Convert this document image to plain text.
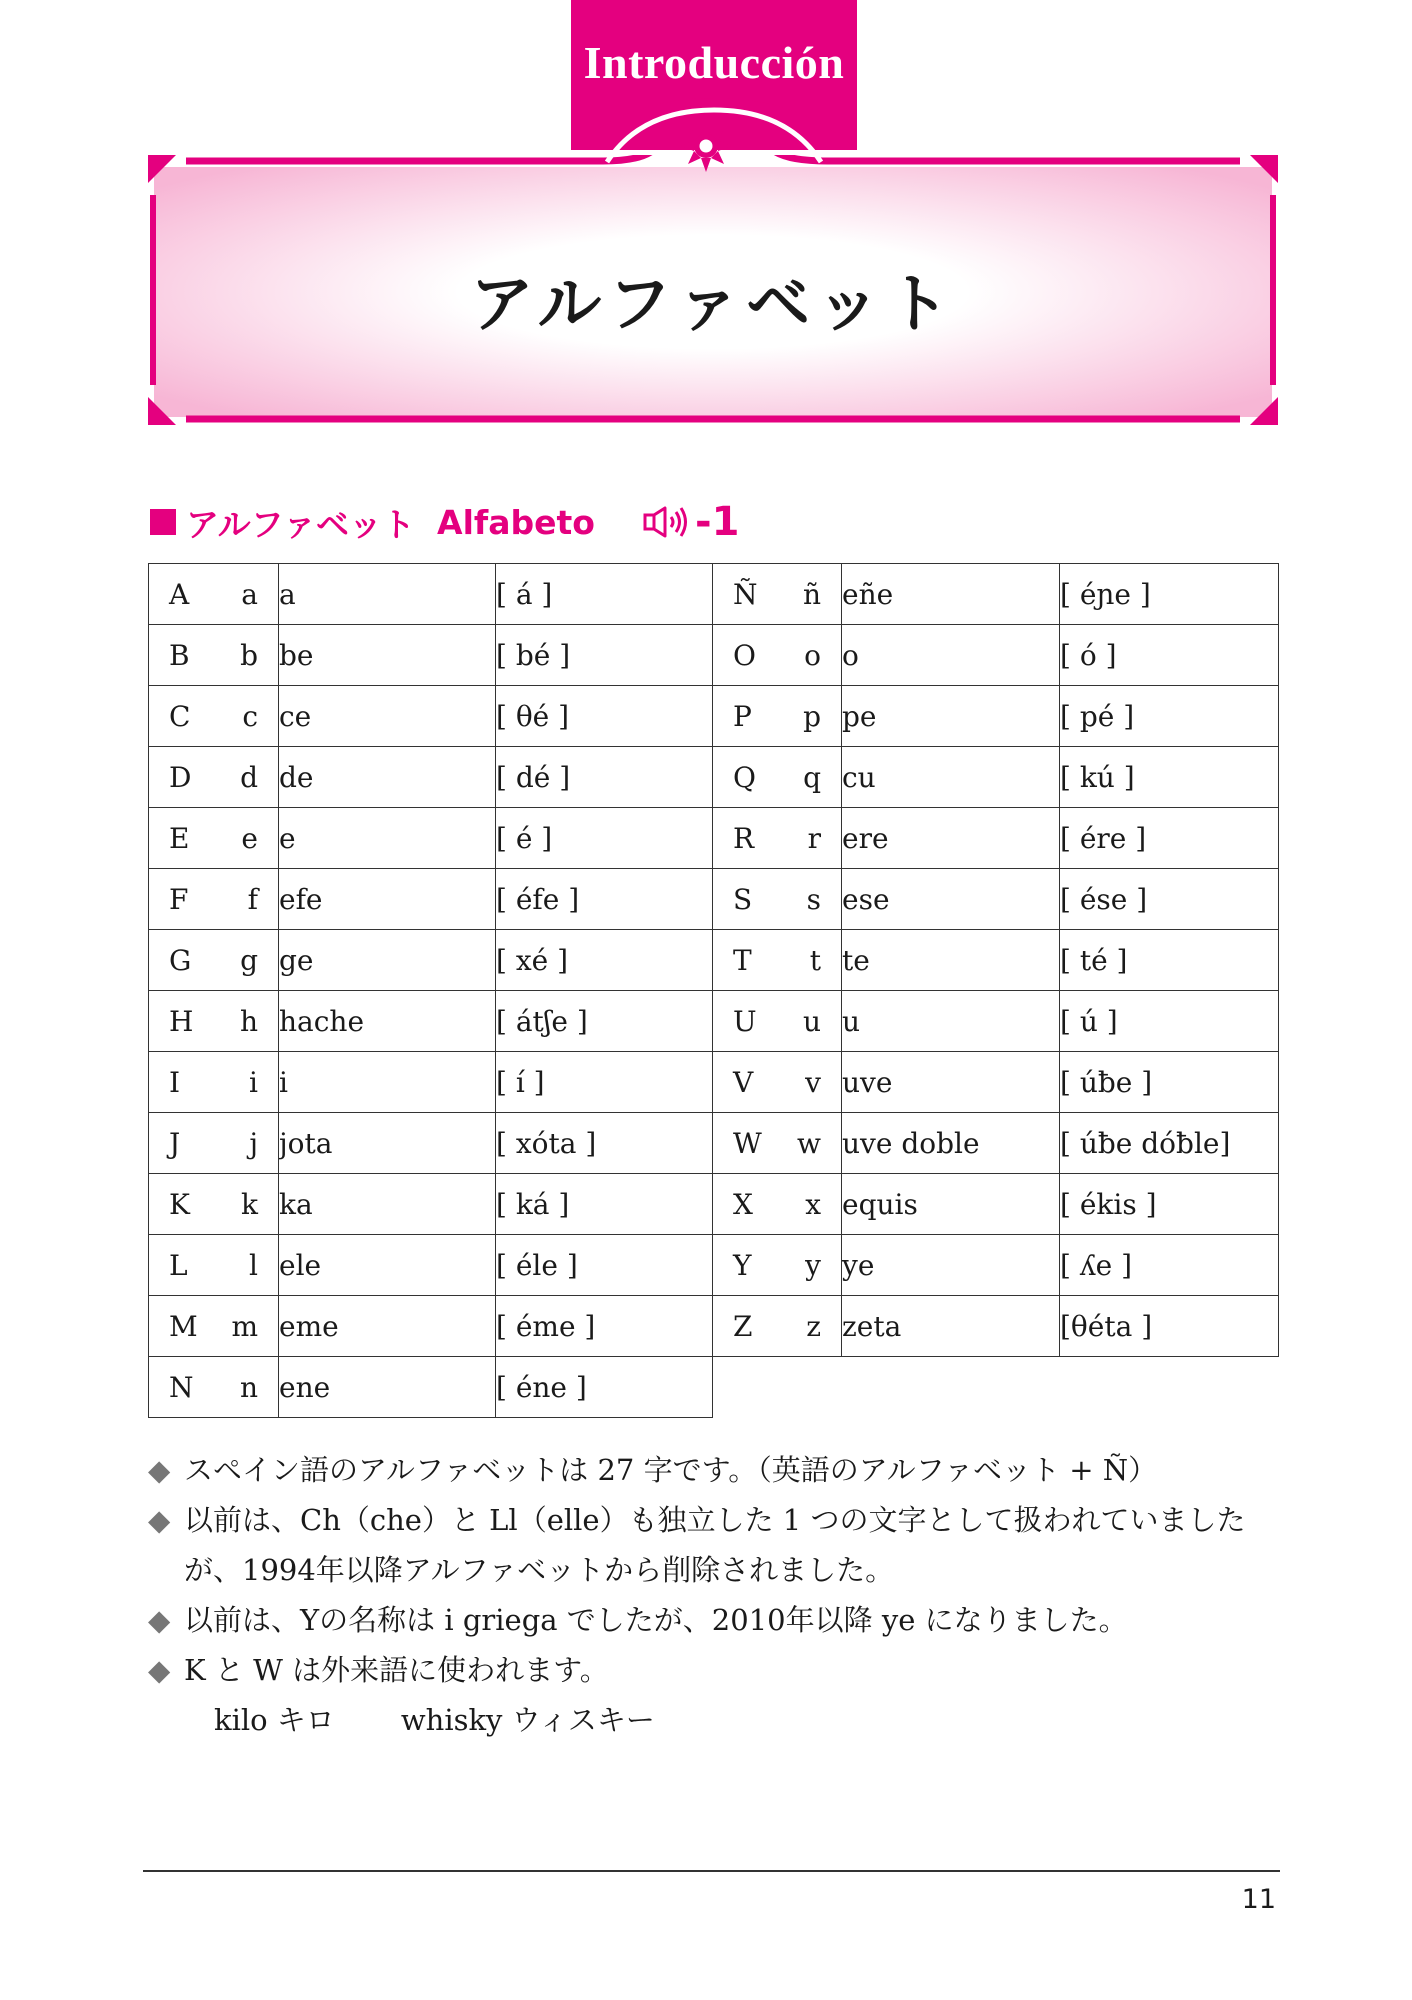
Introducción
アルファベット
アルファベット Alfabeto	-1
A a	a	[ á ]	Ñ ñ	eñe	[ éɲe ]

B b	be	[ bé ]	O o	o	[ ó ]

C c	ce	[ θé ]	P p	pe	[ pé ]

D d	de	[ dé ]	Q q	cu	[ kú ]

E e	e	[ é ]	R r	ere	[ ére ]

F f	efe	[ éfe ]	S s	ese	[ ése ]

G g	ge	[ xé ]	T t	te	[ té ]

H h	hache	[ átʃe ]	U u	u	[ ú ]

I i	i	[ í ]	V v	uve	[ úƀe ]

J j	jota	[ xóta ]	W w	uve doble	[ úƀe dóƀle]

K k	ka	[ ká ]	X x	equis	[ ékis ]

L l	ele	[ éle ]	Y y	ye	[ ʎe ]

M m	eme	[ éme ]	Z z	zeta	[θéta ]

N n	ene	[ éne ]			
◆ スペイン語のアルファベットは 27 字です。（英語のアルファベット + Ñ）
◆ 以前は、Ch（che）と Ll（elle）も独立した 1 つの文字として扱われていましたが、1994年以降アルファベットから削除されました。
◆ 以前は、Yの名称は i griega でしたが、2010年以降 ye になりました。
◆ K と W は外来語に使われます。
kilo キロ whisky ウィスキー
11
